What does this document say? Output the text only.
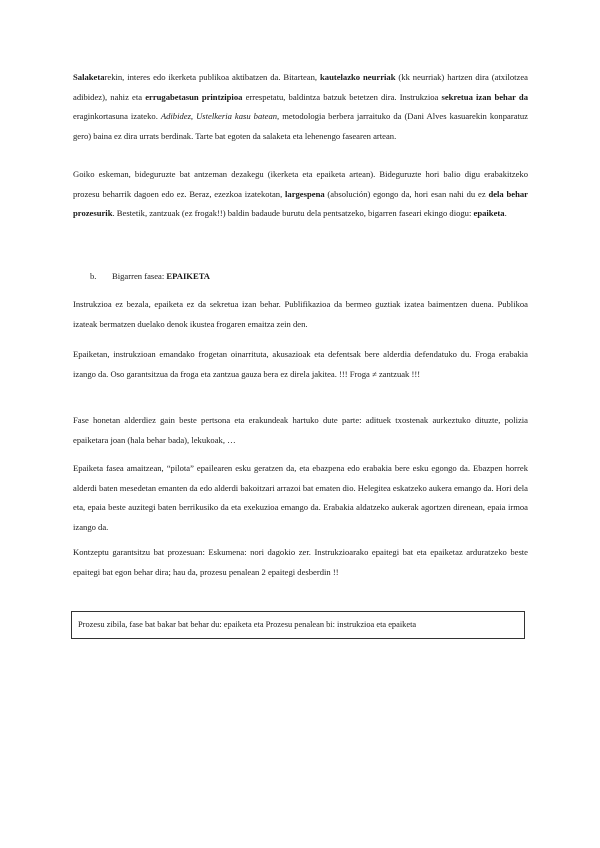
Salaketarekin, interes edo ikerketa publikoa aktibatzen da. Bitartean, kautelazko neurriak (kk neurriak) hartzen dira (atxilotzea adibidez), nahiz eta errugabetasun printzipioa errespetatu, baldintza batzuk betetzen dira. Instrukzioa sekretua izan behar da eraginkortasuna izateko. Adibidez, Ustelkeria kasu batean, metodologia berbera jarraituko da (Dani Alves kasuarekin konparatuz gero) baina ez dira urrats berdinak. Tarte bat egoten da salaketa eta lehenengo fasearen artean.

Goiko eskeman, bideguruzte bat antzeman dezakegu (ikerketa eta epaiketa artean). Bideguruzte hori balio digu erabakitzeko prozesu beharrik dagoen edo ez. Beraz, ezezkoa izatekotan, largespena (absolución) egongo da, hori esan nahi du ez dela behar prozesurik. Bestetik, zantzuak (ez frogak!!) baldin badaude burutu dela pentsatzeko, bigarren faseari ekingo diogu: epaiketa.

b. Bigarren fasea: EPAIKETA

Instrukzioa ez bezala, epaiketa ez da sekretua izan behar. Publifikazioa da bermeo guztiak izatea baimentzen duena. Publikoa izateak bermatzen duelako denok ikustea frogaren emaitza zein den.

Epaiketan, instrukzioan emandako frogetan oinarrituta, akusazioak eta defentsak bere alderdia defendatuko du. Froga erabakia izango da. Oso garantsitzua da froga eta zantzua gauza bera ez direla jakitea. !!! Froga ≠ zantzuak !!!

Fase honetan alderdiez gain beste pertsona eta erakundeak hartuko dute parte: adituek txostenak aurkeztuko dituzte, polizia epaiketara joan (hala behar bada), lekukoak, …

Epaiketa fasea amaitzean, “pilota” epailearen esku geratzen da, eta ebazpena edo erabakia bere esku egongo da. Ebazpen horrek alderdi baten mesedetan emanten da edo alderdi bakoitzari arrazoi bat ematen dio. Helegitea eskatzeko aukera emango da. Hori dela eta, epaia beste auzitegi baten berrikusiko da eta exekuzioa emango da. Erabakia aldatzeko aukerak agortzen direnean, epaia irmoa izango da.

Kontzeptu garantsitzu bat prozesuan: Eskumena: nori dagokio zer. Instrukzioarako epaitegi bat eta epaiketaz arduratzeko beste epaitegi bat egon behar dira; hau da, prozesu penalean 2 epaitegi desberdin !!

Prozesu zibila, fase bat bakar bat behar du: epaiketa eta Prozesu penalean bi: instrukzioa eta epaiketa
